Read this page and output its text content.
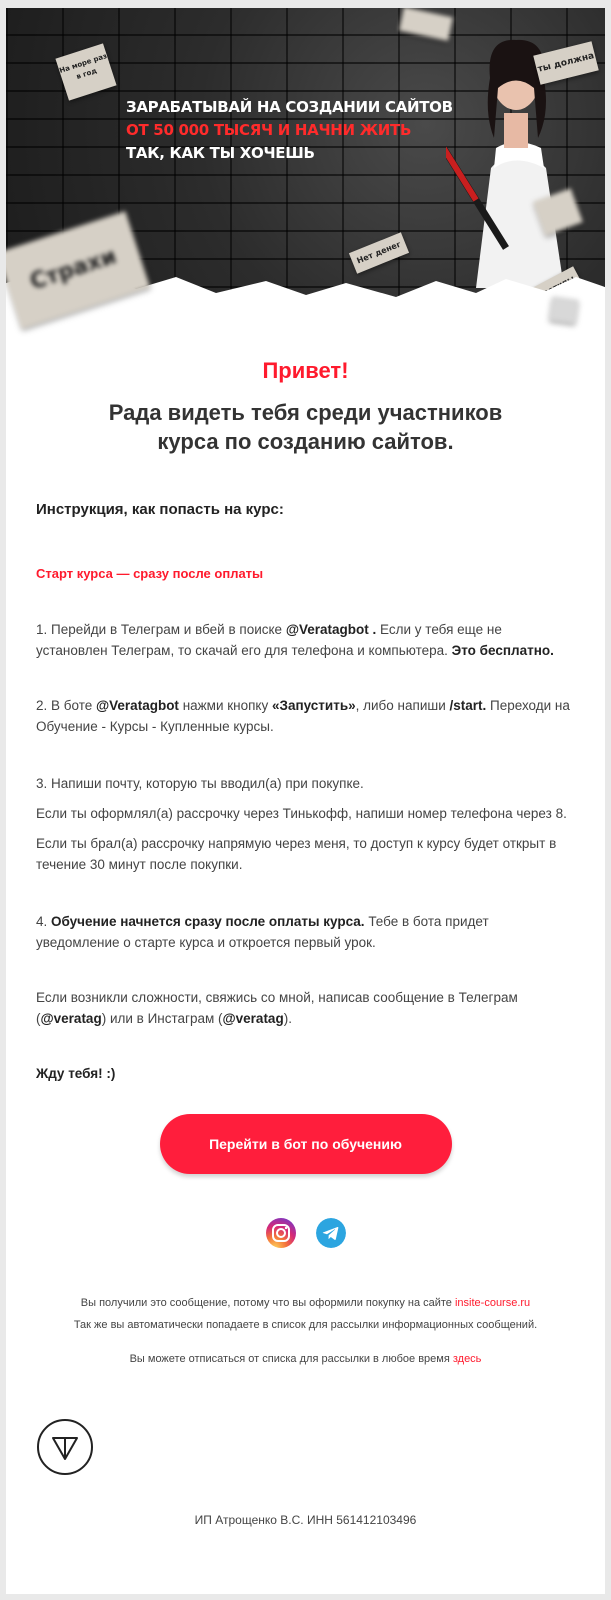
ЗАРАБАТЫВАЙ НА СОЗДАНИИ САЙТОВ
ОТ 50 000 ТЫСЯЧ И НАЧНИ ЖИТЬ
ТАК, КАК ТЫ ХОЧЕШЬ
На море раз в год	ты должна
Нет денег
Страхи
Привет!
Рада видеть тебя среди участников
курса по созданию сайтов.
Инструкция, как попасть на курс:
Старт курса — сразу после оплаты
1. Перейди в Телеграм и вбей в поиске @Veratagbot . Если у тебя еще не установлен Телеграм, то скачай его для телефона и компьютера. Это бесплатно.
2. В боте @Veratagbot нажми кнопку «Запустить», либо напиши /start. Переходи на Обучение - Курсы - Купленные курсы.

3. Напиши почту, которую ты вводил(а) при покупке.

Если ты оформлял(а) рассрочку через Тинькофф, напиши номер телефона через 8.

Если ты брал(а) рассрочку напрямую через меня, то доступ к курсу будет открыт в течение 30 минут после покупки.

4. Обучение начнется сразу после оплаты курса. Тебе в бота придет уведомление о старте курса и откроется первый урок.
Если возникли сложности, свяжись со мной, написав сообщение в Телеграм (@veratag) или в Инстаграм (@veratag).
Жду тебя! :)
Перейти в бот по обучению
Вы получили это сообщение, потому что вы оформили покупку на сайте insite-course.ru
Так же вы автоматически попадаете в список для рассылки информационных сообщений.
Вы можете отписаться от списка для рассылки в любое время здесь
ИП Атрощенко В.С. ИНН 561412103496
